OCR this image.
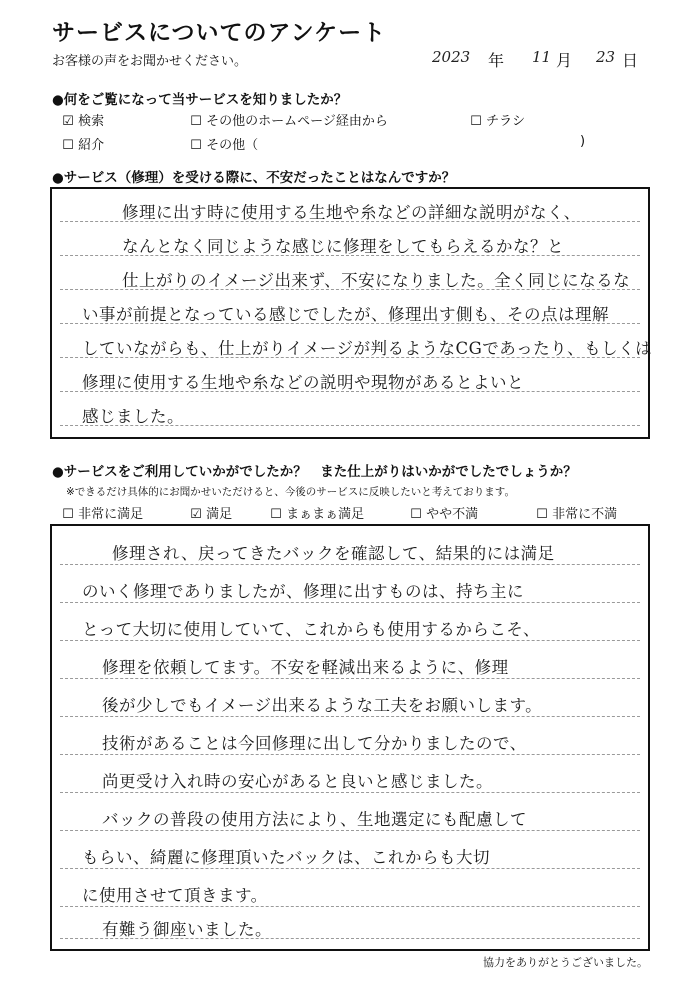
サービスについてのアンケート
お客様の声をお聞かせください。	2023 年 11 月 23 日
●何をご覧になって当サービスを知りましたか？
☑ 検索	☐ その他のホームページ経由から	☐ チラシ
☐ 紹介	☐ その他（	)
●サービス（修理）を受ける際に、不安だったことはなんですか？
修理に出す時に使用する生地や糸などの詳細な説明がなく、
なんとなく同じような感じに修理をしてもらえるかな？と
仕上がりのイメージ出来ず、不安になりました。全く同じになるな
い事が前提となっている感じでしたが、修理出す側も、その点は理解
していながらも、仕上がりイメージが判るようなCGであったり、もしくは
修理に使用する生地や糸などの説明や現物があるとよいと
感じました。
●サービスをご利用していかがでしたか？　また仕上がりはいかがでしたでしょうか？
※できるだけ具体的にお聞かせいただけると、今後のサービスに反映したいと考えております。
☐ 非常に満足	☑ 満足	☐ まぁまぁ満足	☐ やや不満	☐ 非常に不満
修理され、戻ってきたバックを確認して、結果的には満足
のいく修理でありましたが、修理に出すものは、持ち主に
とって大切に使用していて、これからも使用するからこそ、
修理を依頼してます。不安を軽減出来るように、修理
後が少しでもイメージ出来るような工夫をお願いします。
技術があることは今回修理に出して分かりましたので、
尚更受け入れ時の安心があると良いと感じました。
バックの普段の使用方法により、生地選定にも配慮して
もらい、綺麗に修理頂いたバックは、これからも大切
に使用させて頂きます。
有難う御座いました。
協力をありがとうございました。
